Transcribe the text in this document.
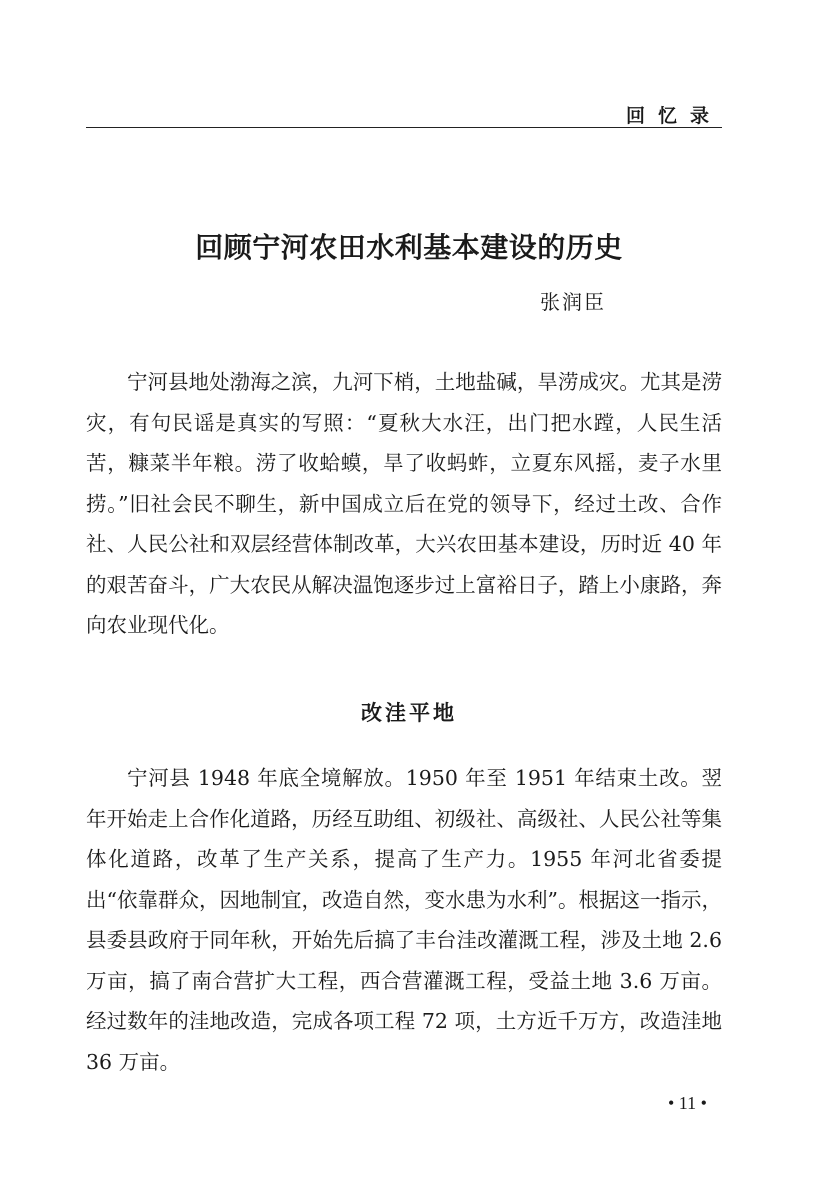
回忆录
回顾宁河农田水利基本建设的历史
张润臣

宁河县地处渤海之滨，九河下梢，土地盐碱，旱涝成灾。尤其是涝灾，有句民谣是真实的写照：“夏秋大水汪，出门把水蹚，人民生活苦，糠菜半年粮。涝了收蛤蟆，旱了收蚂蚱，立夏东风摇，麦子水里捞。”旧社会民不聊生，新中国成立后在党的领导下，经过土改、合作社、人民公社和双层经营体制改革，大兴农田基本建设，历时近 40 年的艰苦奋斗，广大农民从解决温饱逐步过上富裕日子，踏上小康路，奔向农业现代化。

改洼平地

宁河县 1948 年底全境解放。1950 年至 1951 年结束土改。翌年开始走上合作化道路，历经互助组、初级社、高级社、人民公社等集体化道路，改革了生产关系，提高了生产力。1955 年河北省委提出“依靠群众，因地制宜，改造自然，变水患为水利”。根据这一指示，县委县政府于同年秋，开始先后搞了丰台洼改灌溉工程，涉及土地 2.6 万亩，搞了南合营扩大工程，西合营灌溉工程，受益土地 3.6 万亩。经过数年的洼地改造，完成各项工程 72 项，土方近千万方，改造洼地 36 万亩。

• 11 •
